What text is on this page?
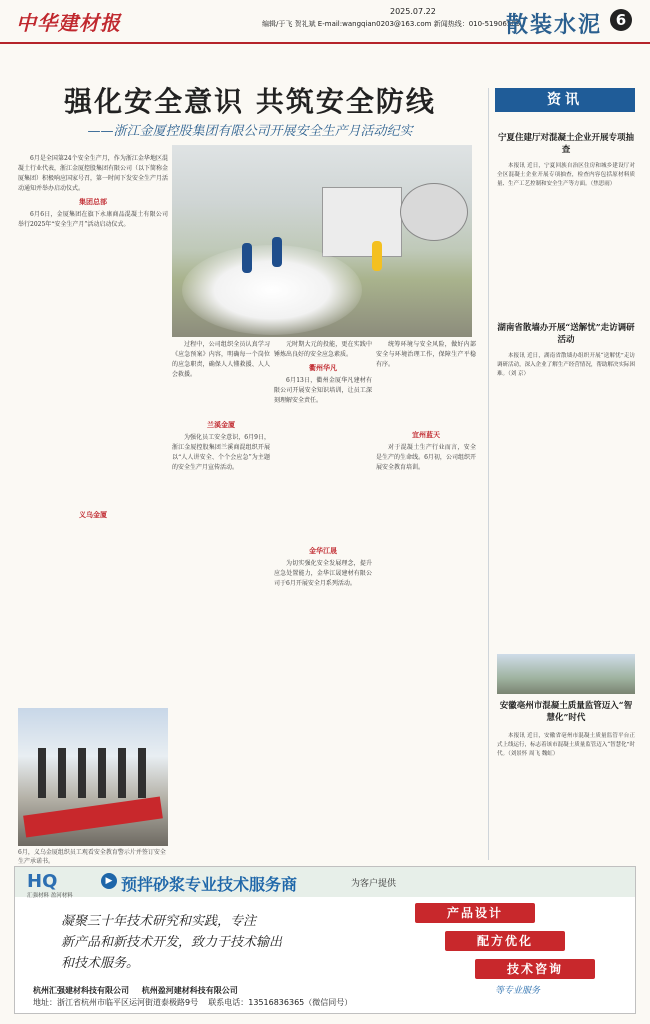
中华建材报	2025.07.22
编辑/于飞 贺礼斌 E-mail:wangqian0203@163.com 新闻热线：010-51906505
散装水泥 6
强化安全意识 共筑安全防线
——浙江金厦控股集团有限公司开展安全生产月活动纪实

6月是全国第24个安全生产月，作为浙江金华地区混凝土行业代表，浙江金厦控股集团有限公司（以下简称金厦集团）积极响应国家号召，第一时间下发安全生产月活动通知并举办启动仪式。

集团总部

6月6日，金厦集团在旗下永康商品混凝土有限公司举行2025年“安全生产月”活动启动仪式。

义乌金厦

过程中，公司组织全员认真学习《应急预案》内容，明确每一个岗位的应急职责，确保人人懂救援、人人会救援。

兰溪金厦

为强化员工安全意识，6月9日，浙江金厦控股集团兰溪商混组织开展以“人人讲安全、个个会应急”为主题的安全生产月宣传活动。

元时期大元的投能，更在实践中锤炼出良好的安全应急素质。

衢州华凡

6月13日，衢州金厦华凡建材有限公司开展安全知识培训，让员工深刻理解安全责任。

金华江晟

为切实强化安全发展理念，提升应急处置能力，金华江晟建材有限公司于6月开展安全月系列活动。

统筹环境与安全风险，做好内部安全与环境治理工作，保障生产平稳有序。

宜州蓝天

对于混凝土生产行业而言，安全是生产的生命线。6月初，公司组织开展安全教育培训。

6月，义乌金厦组织员工观看安全教育警示片并签订安全生产承诺书。
资讯
宁夏住建厅对混凝土企业开展专项抽查

本报讯 近日，宁夏回族自治区住房和城乡建设厅对全区混凝土企业开展专项抽查，检查内容包括原材料质量、生产工艺控制和安全生产等方面。（焦思雨）

湖南省散墙办开展“送解忧”走访调研活动

本报讯 近日，湖南省散墙办组织开展“送解忧”走访调研活动，深入企业了解生产经营情况，帮助解决实际困难。（刘 京）

安徽亳州市混凝土质量监管迈入“智慧化”时代

本报讯 近日，安徽省亳州市混凝土质量监管平台正式上线运行，标志着该市混凝土质量监管迈入“智慧化”时代。（刘景怀 周飞 魏虹）

HQ
汇强材料 盈河材料
▶ 预拌砂浆专业技术服务商	为客户提供
凝聚三十年技术研究和实践，专注
新产品和新技术开发，致力于技术输出
和技术服务。
产品设计
配方优化
技术咨询
等专业服务
杭州汇强建材科技有限公司 杭州盈河建材科技有限公司
地址：浙江省杭州市临平区运河街道泰极路9号 联系电话：13516836365（微信同号）
